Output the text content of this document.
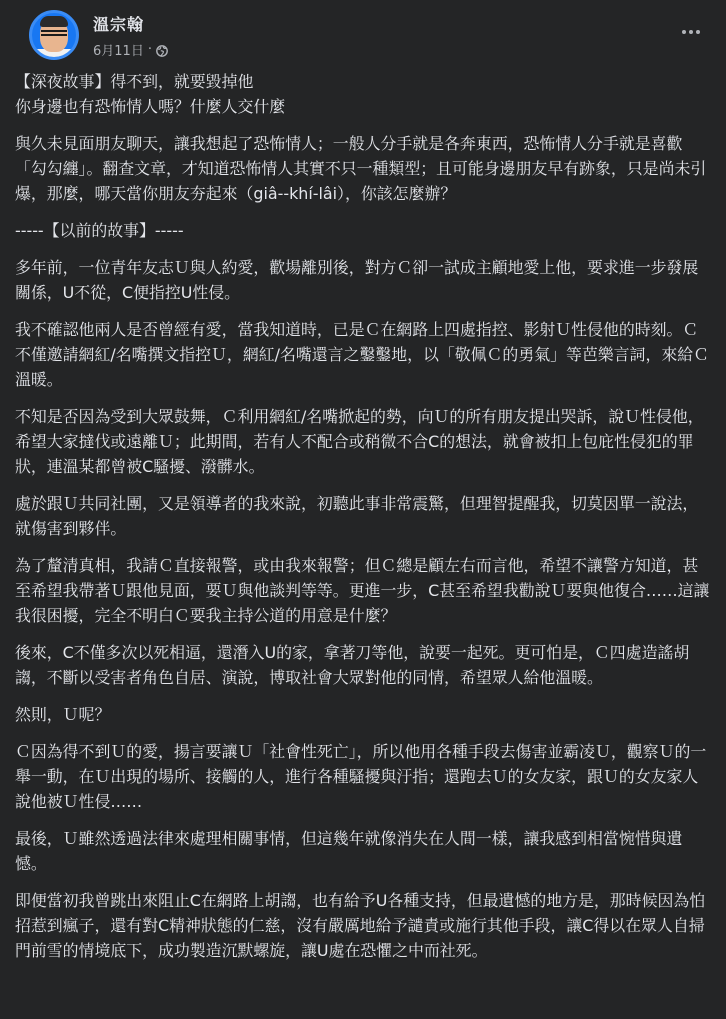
溫宗翰
6月11日 ·

【深夜故事】得不到，就要毀掉他
你身邊也有恐怖情人嗎？什麼人交什麼

與久未見面朋友聊天，讓我想起了恐怖情人；一般人分手就是各奔東西，恐怖情人分手就是喜歡「勾勾纏」。翻查文章，才知道恐怖情人其實不只一種類型；且可能身邊朋友早有跡象，只是尚未引爆，那麼，哪天當你朋友夯起來（giâ--khí-lâi），你該怎麼辦？

-----【以前的故事】-----

多年前，一位青年友志Ｕ與人約愛，歡場離別後，對方Ｃ卻一試成主顧地愛上他，要求進一步發展關係，U不從，C便指控U性侵。

我不確認他兩人是否曾經有愛，當我知道時，已是Ｃ在網路上四處指控、影射Ｕ性侵他的時刻。Ｃ不僅邀請網紅/名嘴撰文指控Ｕ，網紅/名嘴還言之鑿鑿地，以「敬佩Ｃ的勇氣」等芭樂言詞，來給Ｃ溫暖。

不知是否因為受到大眾鼓舞，Ｃ利用網紅/名嘴掀起的勢，向Ｕ的所有朋友提出哭訴，說Ｕ性侵他，希望大家撻伐或遠離Ｕ；此期間，若有人不配合或稍微不合C的想法，就會被扣上包庇性侵犯的罪狀，連溫某都曾被C騷擾、潑髒水。

處於跟Ｕ共同社團，又是領導者的我來說，初聽此事非常震驚，但理智提醒我，切莫因單一說法，就傷害到夥伴。

為了釐清真相，我請Ｃ直接報警，或由我來報警；但Ｃ總是顧左右而言他，希望不讓警方知道，甚至希望我帶著Ｕ跟他見面，要Ｕ與他談判等等。更進一步，C甚至希望我勸說Ｕ要與他復合……這讓我很困擾，完全不明白Ｃ要我主持公道的用意是什麼？

後來，C不僅多次以死相逼，還潛入U的家，拿著刀等他，說要一起死。更可怕是，Ｃ四處造謠胡謅，不斷以受害者角色自居、演說，博取社會大眾對他的同情，希望眾人給他溫暖。

然則，Ｕ呢？

Ｃ因為得不到Ｕ的愛，揚言要讓Ｕ「社會性死亡」，所以他用各種手段去傷害並霸凌Ｕ，觀察Ｕ的一舉一動，在Ｕ出現的場所、接觸的人，進行各種騷擾與汙指；還跑去Ｕ的女友家，跟Ｕ的女友家人說他被Ｕ性侵……

最後，Ｕ雖然透過法律來處理相關事情，但這幾年就像消失在人間一樣，讓我感到相當惋惜與遺憾。

即便當初我曾跳出來阻止C在網路上胡謅，也有給予U各種支持，但最遺憾的地方是，那時候因為怕招惹到瘋子，還有對C精神狀態的仁慈，沒有嚴厲地給予譴責或施行其他手段，讓C得以在眾人自掃門前雪的情境底下，成功製造沉默螺旋，讓U處在恐懼之中而社死。
